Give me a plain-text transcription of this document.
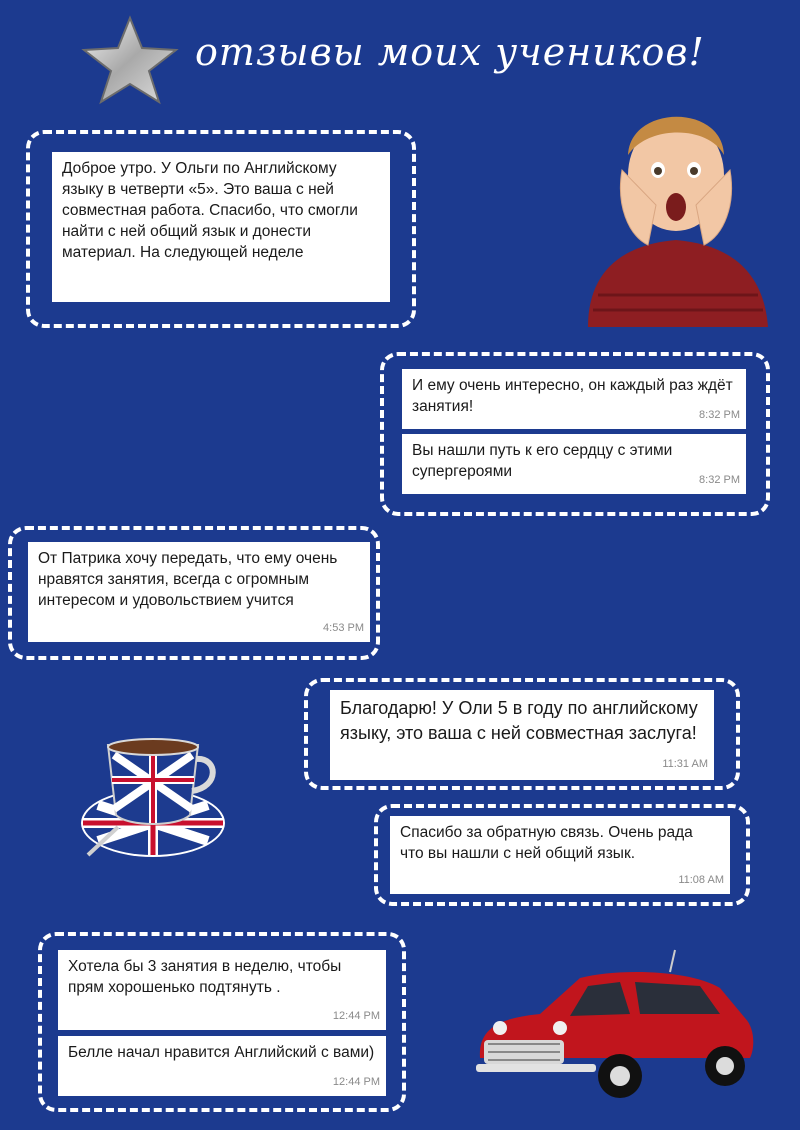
отзывы моих учеников!
Доброе утро. У Ольги по Английскому языку в четверти «5». Это ваша с ней совместная работа. Спасибо, что смогли найти с ней общий язык и донести материал. На следующей неделе
И ему очень интересно, он каждый раз ждёт занятия!	8:32 PM
Вы нашли путь к его сердцу с этими супергероями	8:32 PM
От Патрика хочу передать, что ему очень нравятся занятия, всегда с огромным интересом и удовольствием учится
4:53 PM
Благодарю! У Оли 5 в году по английскому языку, это ваша с ней совместная заслуга!
11:31 AM
Спасибо за обратную связь. Очень рада что вы нашли с ней общий язык.
11:08 AM
Хотела бы 3 занятия в неделю, чтобы прям хорошенько подтянуть .
12:44 PM
Белле начал нравится Английский с вами)
12:44 PM
